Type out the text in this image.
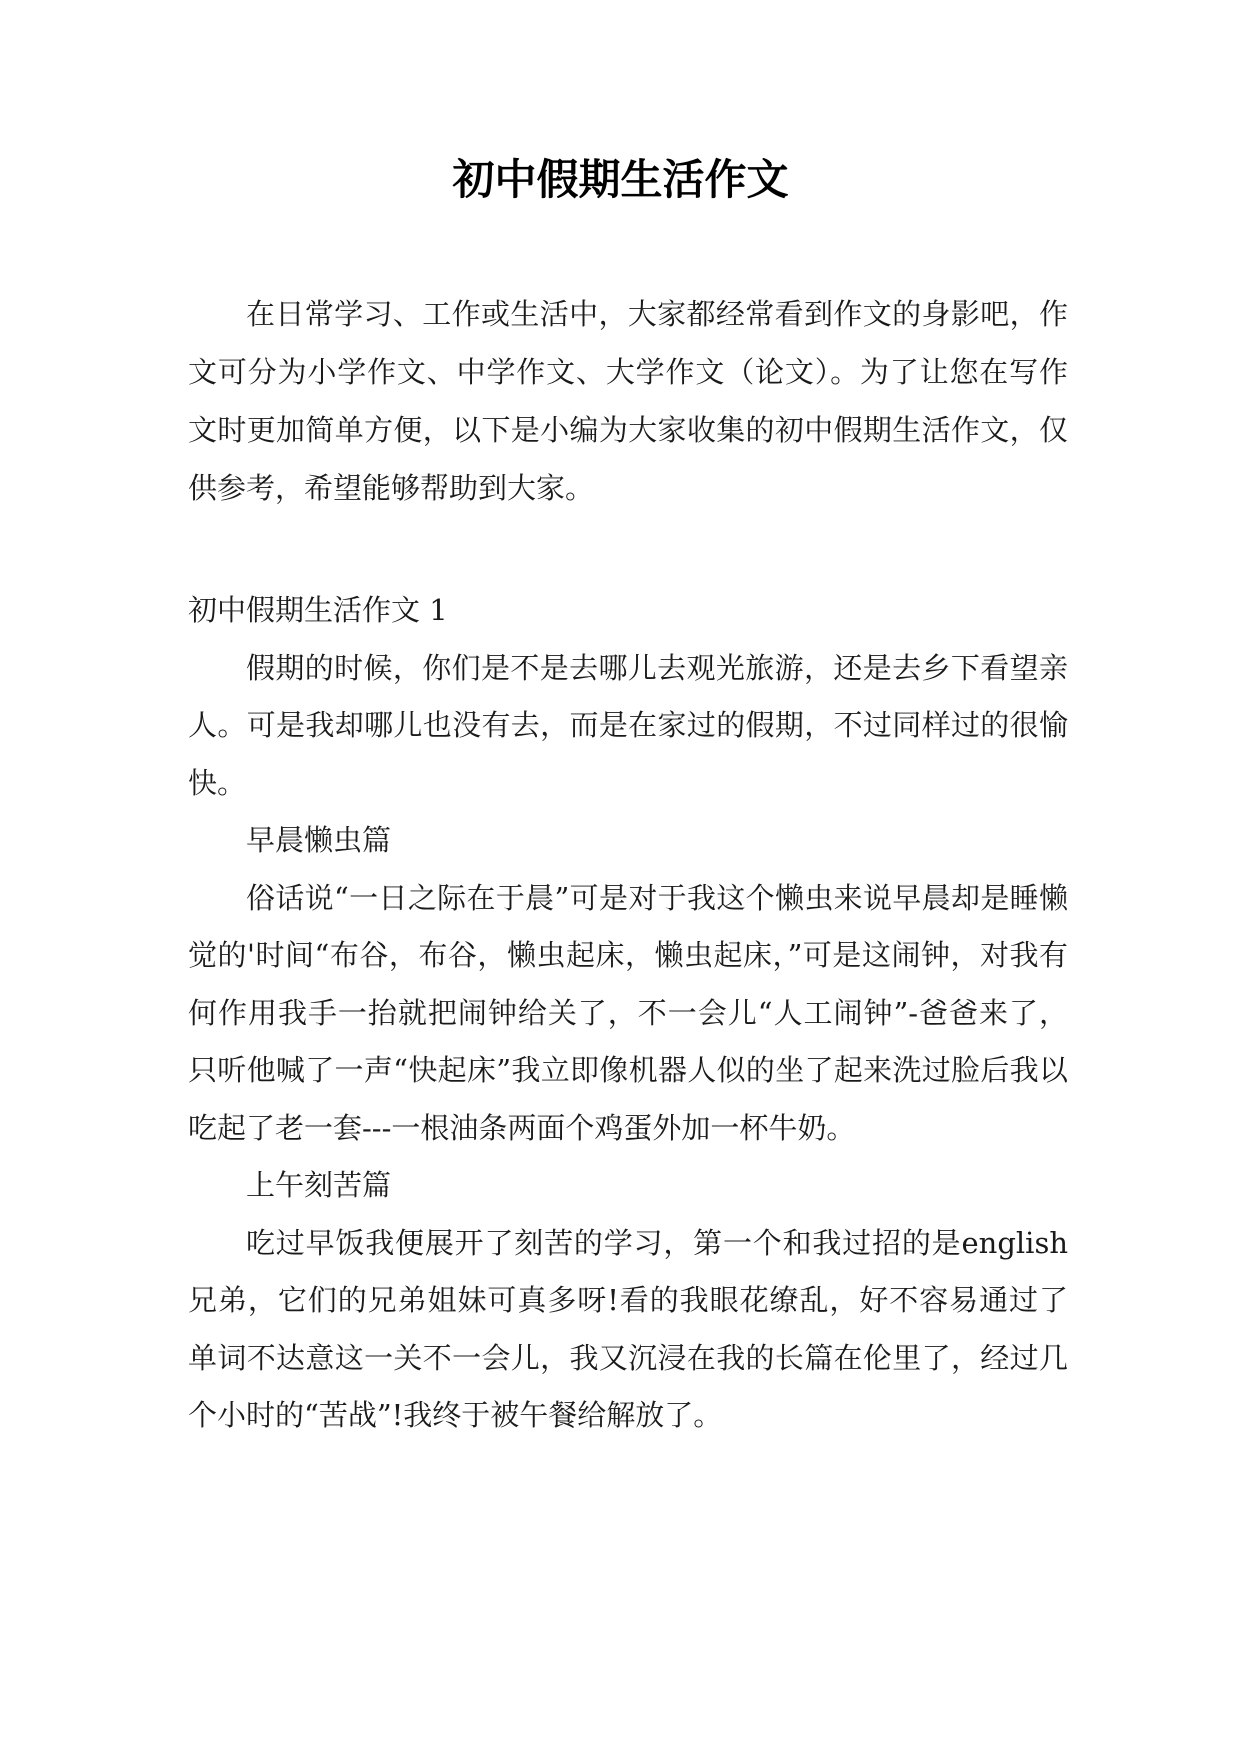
初中假期生活作文

在日常学习、工作或生活中，大家都经常看到作文的身影吧，作文可分为小学作文、中学作文、大学作文（论文）。为了让您在写作文时更加简单方便，以下是小编为大家收集的初中假期生活作文，仅供参考，希望能够帮助到大家。

初中假期生活作文 1

假期的时候，你们是不是去哪儿去观光旅游，还是去乡下看望亲人。可是我却哪儿也没有去，而是在家过的假期，不过同样过的很愉快。

早晨懒虫篇

俗话说“一日之际在于晨”可是对于我这个懒虫来说早晨却是睡懒觉的'时间“布谷，布谷，懒虫起床，懒虫起床，”可是这闹钟，对我有何作用我手一抬就把闹钟给关了，不一会儿“人工闹钟”-爸爸来了，只听他喊了一声“快起床”我立即像机器人似的坐了起来洗过脸后我以吃起了老一套---一根油条两面个鸡蛋外加一杯牛奶。

上午刻苦篇

吃过早饭我便展开了刻苦的学习，第一个和我过招的是english 兄弟，它们的兄弟姐妹可真多呀!看的我眼花缭乱，好不容易通过了单词不达意这一关不一会儿，我又沉浸在我的长篇在伦里了，经过几个小时的“苦战”!我终于被午餐给解放了。
